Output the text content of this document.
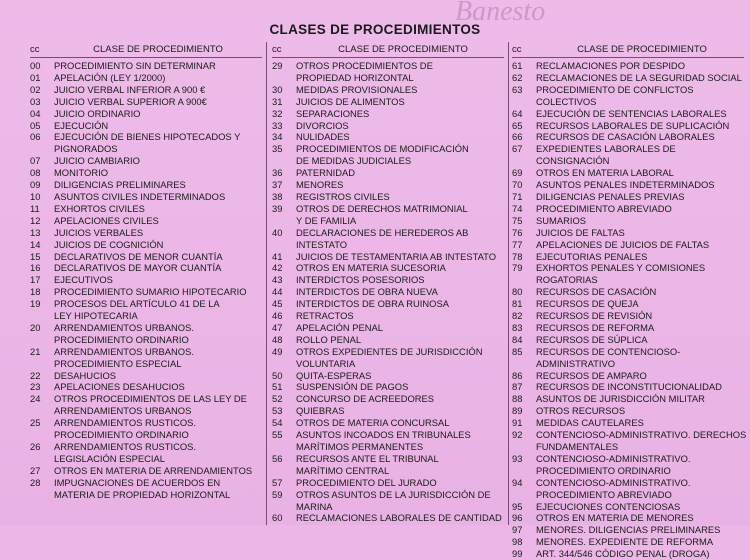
Banesto
CLASES DE PROCEDIMIENTOS
cc	CLASE DE PROCEDIMIENTO
00	PROCEDIMIENTO SIN DETERMINAR
01	APELACIÓN (LEY 1/2000)
02	JUICIO VERBAL INFERIOR A 900 €
03	JUICIO VERBAL SUPERIOR A 900€
04	JUICIO ORDINARIO
05	EJECUCIÓN
06	EJECUCIÓN DE BIENES HIPOTECADOS Y
PIGNORADOS
07	JUICIO CAMBIARIO
08	MONITORIO
09	DILIGENCIAS PRELIMINARES
10	ASUNTOS CIVILES INDETERMINADOS
11	EXHORTOS CIVILES
12	APELACIONES CIVILES
13	JUICIOS VERBALES
14	JUICIOS DE COGNICIÓN
15	DECLARATIVOS DE MENOR CUANTÍA
16	DECLARATIVOS DE MAYOR CUANTÍA
17	EJECUTIVOS
18	PROCEDIMIENTO SUMARIO HIPOTECARIO
19	PROCESOS DEL ARTÍCULO 41 DE LA
LEY HIPOTECARIA
20	ARRENDAMIENTOS URBANOS.
PROCEDIMIENTO ORDINARIO
21	ARRENDAMIENTOS URBANOS.
PROCEDIMIENTO ESPECIAL
22	DESAHUCIOS
23	APELACIONES DESAHUCIOS
24	OTROS PROCEDIMIENTOS DE LAS LEY DE
ARRENDAMIENTOS URBANOS
25	ARRENDAMIENTOS RUSTICOS.
PROCEDIMIENTO ORDINARIO
26	ARRENDAMIENTOS RUSTICOS.
LEGISLACIÓN ESPECIAL
27	OTROS EN MATERIA DE ARRENDAMIENTOS
28	IMPUGNACIONES DE ACUERDOS EN
MATERIA DE PROPIEDAD HORIZONTAL
cc	CLASE DE PROCEDIMIENTO
29	OTROS PROCEDIMIENTOS DE
PROPIEDAD HORIZONTAL
30	MEDIDAS PROVISIONALES
31	JUICIOS DE ALIMENTOS
32	SEPARACIONES
33	DIVORCIOS
34	NULIDADES
35	PROCEDIMIENTOS DE MODIFICACIÓN
DE MEDIDAS JUDICIALES
36	PATERNIDAD
37	MENORES
38	REGISTROS CIVILES
39	OTROS DE DERECHOS MATRIMONIAL
Y DE FAMILIA
40	DECLARACIONES DE HEREDEROS AB INTESTATO
41	JUICIOS DE TESTAMENTARIA AB INTESTATO
42	OTROS EN MATERIA SUCESORIA
43	INTERDICTOS POSESORIOS
44	INTERDICTOS DE OBRA NUEVA
45	INTERDICTOS DE OBRA RUINOSA
46	RETRACTOS
47	APELACIÓN PENAL
48	ROLLO PENAL
49	OTROS EXPEDIENTES DE JURISDICCIÓN
VOLUNTARIA
50	QUITA-ESPERAS
51	SUSPENSIÓN DE PAGOS
52	CONCURSO DE ACREEDORES
53	QUIEBRAS
54	OTROS DE MATERIA CONCURSAL
55	ASUNTOS INCOADOS EN TRIBUNALES
MARÍTIMOS PERMANENTES
56	RECURSOS ANTE EL TRIBUNAL
MARÍTIMO CENTRAL
57	PROCEDIMIENTO DEL JURADO
59	OTROS ASUNTOS DE LA JURISDICCIÓN DE MARINA
60	RECLAMACIONES LABORALES DE CANTIDAD
cc	CLASE DE PROCEDIMIENTO
61	RECLAMACIONES POR DESPIDO
62	RECLAMACIONES DE LA SEGURIDAD SOCIAL
63	PROCEDIMIENTO DE CONFLICTOS COLECTIVOS
64	EJECUCIÓN DE SENTENCIAS LABORALES
65	RECURSOS LABORALES DE SUPLICACIÓN
66	RECURSOS DE CASACIÓN LABORALES
67	EXPEDIENTES LABORALES DE CONSIGNACIÓN
69	OTROS EN MATERIA LABORAL
70	ASUNTOS PENALES INDETERMINADOS
71	DILIGENCIAS PENALES PREVIAS
74	PROCEDIMIENTO ABREVIADO
75	SUMARIOS
76	JUICIOS DE FALTAS
77	APELACIONES DE JUICIOS DE FALTAS
78	EJECUTORIAS PENALES
79	EXHORTOS PENALES Y COMISIONES ROGATORIAS
80	RECURSOS DE CASACIÓN
81	RECURSOS DE QUEJA
82	RECURSOS DE REVISIÓN
83	RECURSOS DE REFORMA
84	RECURSOS DE SÚPLICA
85	RECURSOS DE CONTENCIOSO-ADMINISTRATIVO
86	RECURSOS DE AMPARO
87	RECURSOS DE INCONSTITUCIONALIDAD
88	ASUNTOS DE JURISDICCIÓN MILITAR
89	OTROS RECURSOS
91	MEDIDAS CAUTELARES
92	CONTENCIOSO-ADMINISTRATIVO. DERECHOS
FUNDAMENTALES
93	CONTENCIOSO-ADMINISTRATIVO.
PROCEDIMIENTO ORDINARIO
94	CONTENCIOSO-ADMINISTRATIVO.
PROCEDIMIENTO ABREVIADO
95	EJECUCIONES CONTENCIOSAS
96	OTROS EN MATERIA DE MENORES
97	MENORES. DILIGENCIAS PRELIMINARES
98	MENORES. EXPEDIENTE DE REFORMA
99	ART. 344/546 CÓDIGO PENAL (DROGA)
